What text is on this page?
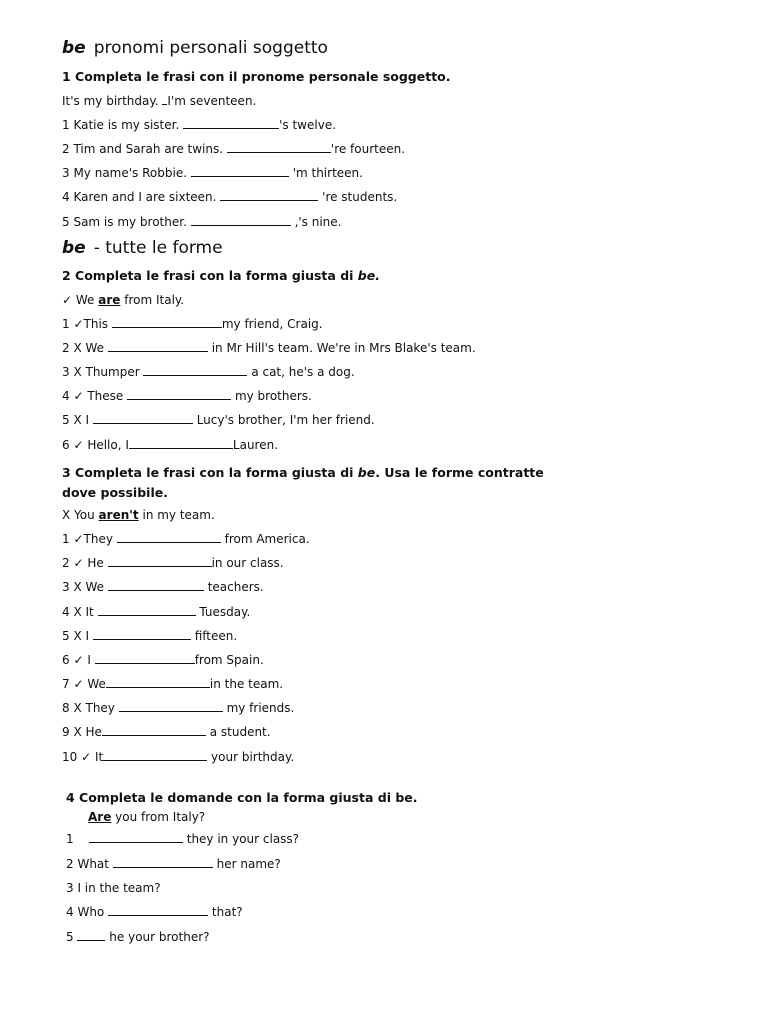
be pronomi personali soggetto
1 Completa le frasi con il pronome personale soggetto.
It's my birthday. I'm seventeen.
1 Katie is my sister.	's twelve.
2 Tim and Sarah are twins.	're fourteen.
3 My name's Robbie.	'm thirteen.
4 Karen and I are sixteen.	're students.
5 Sam is my brother.	,'s nine.
be - tutte le forme
2 Completa le frasi con la forma giusta di be.
✓ We are from Italy.
1 ✓This	my friend, Craig.
2 X We	in Mr Hill's team. We're in Mrs Blake's team.
3 X Thumper	a cat, he's a dog.
4 ✓ These	my brothers.
5 X I	Lucy's brother, I'm her friend.
6 ✓ Hello, I	Lauren.
3 Completa le frasi con la forma giusta di be. Usa le forme contratte
dove possibile.
X You aren't in my team.
1 ✓They	from America.
2 ✓ He	in our class.
3 X We	teachers.
4 X It	Tuesday.
5 X I	fifteen.
6 ✓ I	from Spain.
7 ✓ We	in the team.
8 X They	my friends.
9 X He	a student.
10 ✓ It	your birthday.
4 Completa le domande con la forma giusta di be.
Are you from Italy?
1	they in your class?
2 What	her name?
3 I in the team?
4 Who	that?
5	he your brother?
